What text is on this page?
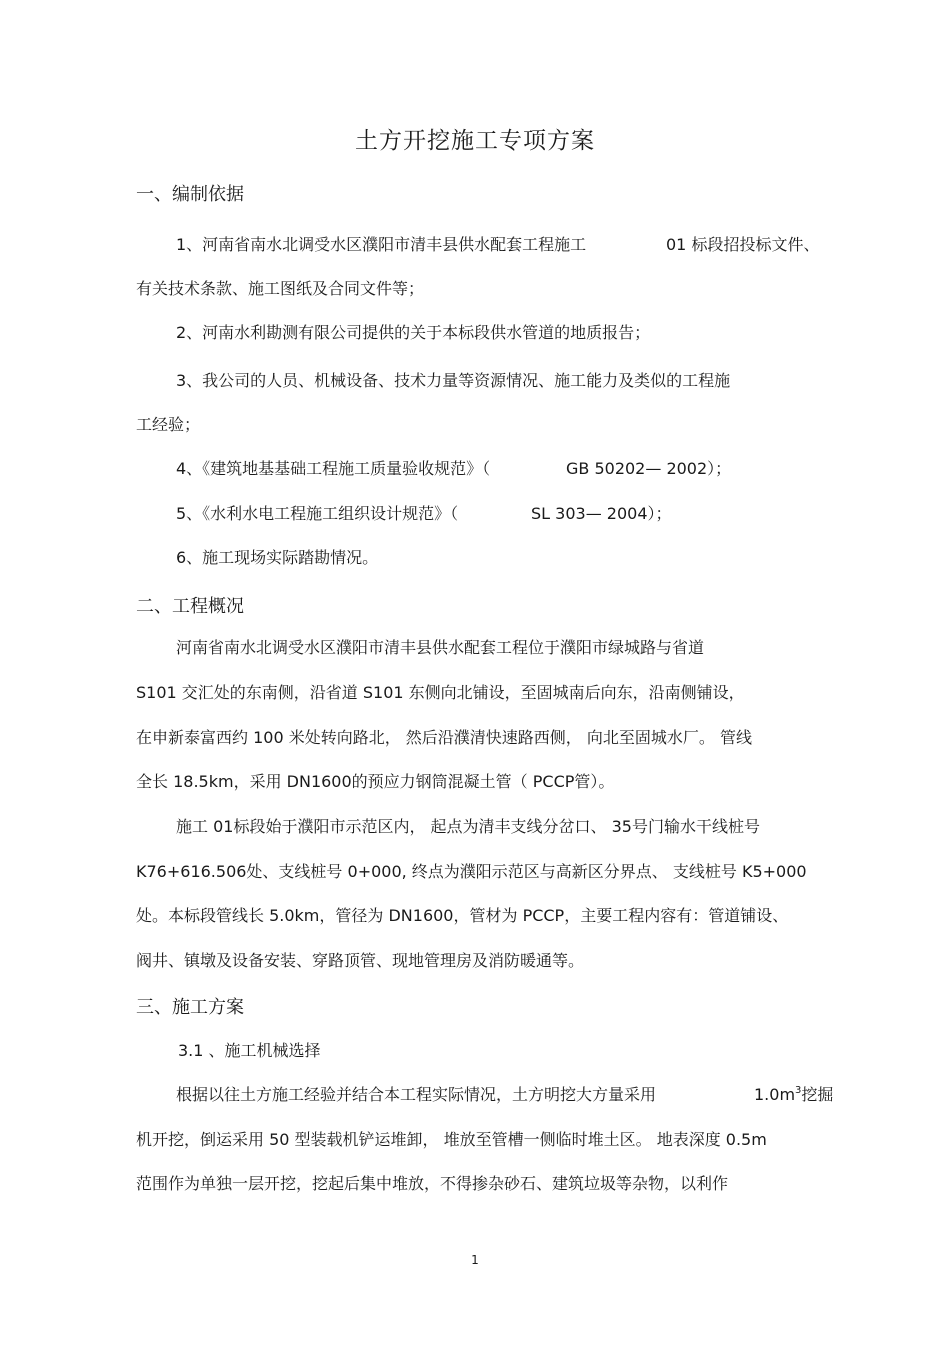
土方开挖施工专项方案
一、编制依据
1、河南省南水北调受水区濮阳市清丰县供水配套工程施工	01 标段招投标文件、
有关技术条款、施工图纸及合同文件等；
2、河南水利勘测有限公司提供的关于本标段供水管道的地质报告；
3、我公司的人员、机械设备、技术力量等资源情况、施工能力及类似的工程施
工经验；
4、《建筑地基基础工程施工质量验收规范》（	GB 50202— 2002）；
5、《水利水电工程施工组织设计规范》（	SL 303— 2004）；
6、施工现场实际踏勘情况。
二、工程概况
河南省南水北调受水区濮阳市清丰县供水配套工程位于濮阳市绿城路与省道
S101 交汇处的东南侧，沿省道 S101 东侧向北铺设，至固城南后向东，沿南侧铺设，
在申新泰富西约 100 米处转向路北， 然后沿濮清快速路西侧， 向北至固城水厂。 管线
全长 18.5km，采用 DN1600的预应力钢筒混凝土管（ PCCP管）。
施工 01标段始于濮阳市示范区内， 起点为清丰支线分岔口、 35号门输水干线桩号
K76+616.506处、支线桩号 0+000, 终点为濮阳示范区与高新区分界点、 支线桩号 K5+000
处。本标段管线长 5.0km，管径为 DN1600，管材为 PCCP，主要工程内容有：管道铺设、
阀井、镇墩及设备安装、穿路顶管、现地管理房及消防暖通等。
三、施工方案
3.1 、施工机械选择
根据以往土方施工经验并结合本工程实际情况，土方明挖大方量采用	$1.0m^3$挖掘
机开挖，倒运采用 50 型装载机铲运堆卸， 堆放至管槽一侧临时堆土区。 地表深度 0.5m
范围作为单独一层开挖，挖起后集中堆放，不得掺杂砂石、建筑垃圾等杂物，以利作
1
